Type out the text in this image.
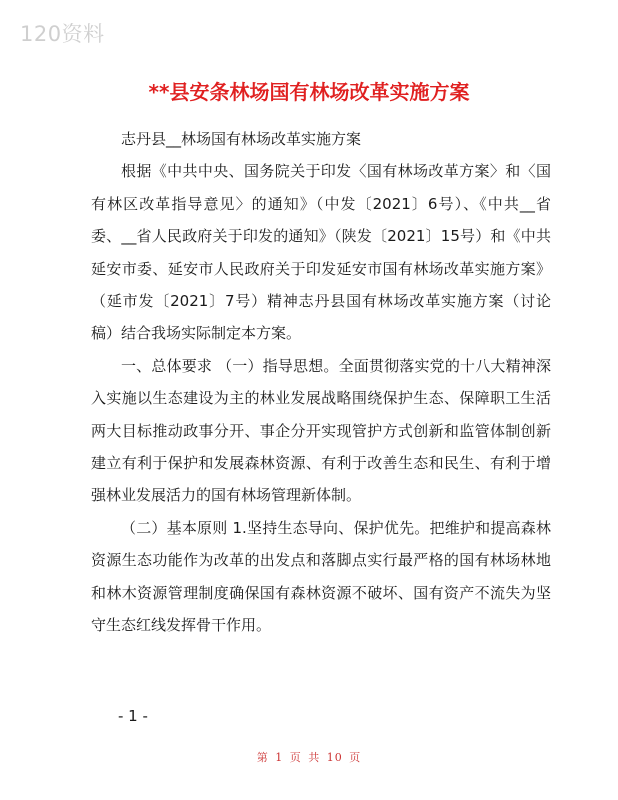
120资料
**县安条林场国有林场改革实施方案

志丹县__林场国有林场改革实施方案

根据《中共中央、国务院关于印发〈国有林场改革方案〉和〈国有林区改革指导意见〉的通知》（中发〔2021〕6号）、《中共__省委、__省人民政府关于印发的通知》（陕发〔2021〕15号）和《中共延安市委、延安市人民政府关于印发延安市国有林场改革实施方案》（延市发〔2021〕7号）精神志丹县国有林场改革实施方案（讨论稿）结合我场实际制定本方案。

一、总体要求 （一）指导思想。全面贯彻落实党的十八大精神深入实施以生态建设为主的林业发展战略围绕保护生态、保障职工生活两大目标推动政事分开、事企分开实现管护方式创新和监管体制创新建立有利于保护和发展森林资源、有利于改善生态和民生、有利于增强林业发展活力的国有林场管理新体制。

（二）基本原则 1.坚持生态导向、保护优先。把维护和提高森林资源生态功能作为改革的出发点和落脚点实行最严格的国有林场林地和林木资源管理制度确保国有森林资源不破坏、国有资产不流失为坚守生态红线发挥骨干作用。

- 1 -
第 1 页 共 10 页
